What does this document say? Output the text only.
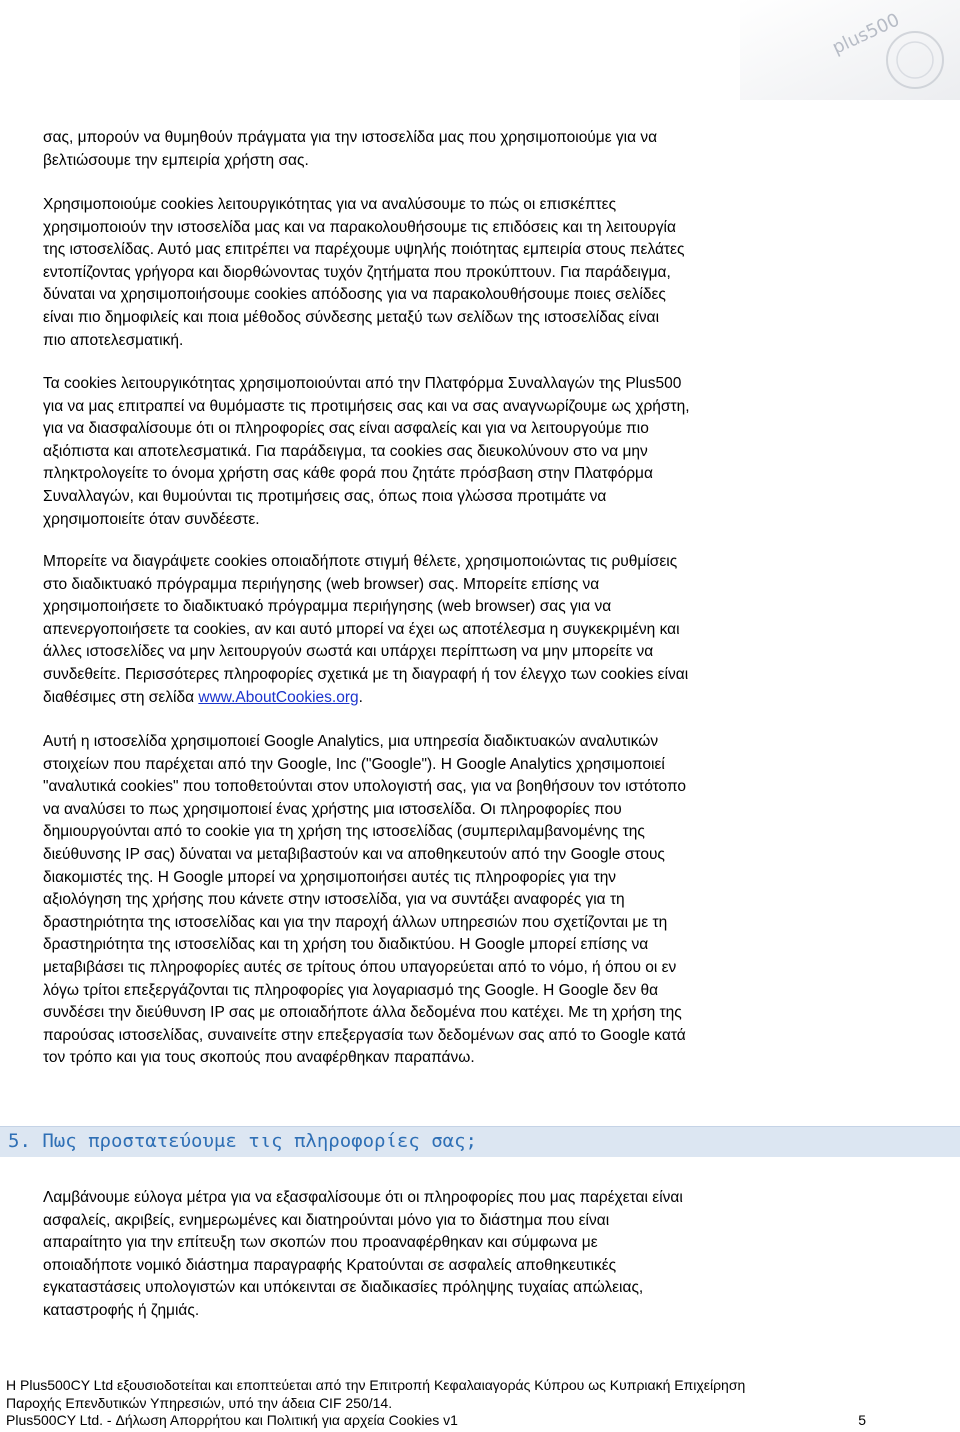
plus500
σας, μπορούν να θυμηθούν πράγματα για την ιστοσελίδα μας που χρησιμοποιούμε για να
βελτιώσουμε την εμπειρία χρήστη σας.
Χρησιμοποιούμε cookies λειτουργικότητας για να αναλύσουμε το πώς οι επισκέπτες
χρησιμοποιούν την ιστοσελίδα μας και να παρακολουθήσουμε τις επιδόσεις και τη λειτουργία
της ιστοσελίδας. Αυτό μας επιτρέπει να παρέχουμε υψηλής ποιότητας εμπειρία στους πελάτες
εντοπίζοντας γρήγορα και διορθώνοντας τυχόν ζητήματα που προκύπτουν. Για παράδειγμα,
δύναται να χρησιμοποιήσουμε cookies απόδοσης για να παρακολουθήσουμε ποιες σελίδες
είναι πιο δημοφιλείς και ποια μέθοδος σύνδεσης μεταξύ των σελίδων της ιστοσελίδας είναι
πιο αποτελεσματική.
Τα cookies λειτουργικότητας χρησιμοποιούνται από την Πλατφόρμα Συναλλαγών της Plus500
για να μας επιτραπεί να θυμόμαστε τις προτιμήσεις σας και να σας αναγνωρίζουμε ως χρήστη,
για να διασφαλίσουμε ότι οι πληροφορίες σας είναι ασφαλείς και για να λειτουργούμε πιο
αξιόπιστα και αποτελεσματικά. Για παράδειγμα, τα cookies σας διευκολύνουν στο να μην
πληκτρολογείτε το όνομα χρήστη σας κάθε φορά που ζητάτε πρόσβαση στην Πλατφόρμα
Συναλλαγών, και θυμούνται τις προτιμήσεις σας, όπως ποια γλώσσα προτιμάτε να
χρησιμοποιείτε όταν συνδέεστε.
Μπορείτε να διαγράψετε cookies οποιαδήποτε στιγμή θέλετε, χρησιμοποιώντας τις ρυθμίσεις
στο διαδικτυακό πρόγραμμα περιήγησης (web browser) σας. Μπορείτε επίσης να
χρησιμοποιήσετε το διαδικτυακό πρόγραμμα περιήγησης (web browser) σας για να
απενεργοποιήσετε τα cookies, αν και αυτό μπορεί να έχει ως αποτέλεσμα η συγκεκριμένη και
άλλες ιστοσελίδες να μην λειτουργούν σωστά και υπάρχει περίπτωση να μην μπορείτε να
συνδεθείτε. Περισσότερες πληροφορίες σχετικά με τη διαγραφή ή τον έλεγχο των cookies είναι
διαθέσιμες στη σελίδα www.AboutCookies.org.
Αυτή η ιστοσελίδα χρησιμοποιεί Google Analytics, μια υπηρεσία διαδικτυακών αναλυτικών
στοιχείων που παρέχεται από την Google, Inc ("Google"). Η Google Analytics χρησιμοποιεί
"αναλυτικά cookies" που τοποθετούνται στον υπολογιστή σας, για να βοηθήσουν τον ιστότοπο
να αναλύσει το πως χρησιμοποιεί ένας χρήστης μια ιστοσελίδα. Οι πληροφορίες που
δημιουργούνται από το cookie για τη χρήση της ιστοσελίδας (συμπεριλαμβανομένης της
διεύθυνσης IP σας) δύναται να μεταβιβαστούν και να αποθηκευτούν από την Google στους
διακομιστές της. Η Google μπορεί να χρησιμοποιήσει αυτές τις πληροφορίες για την
αξιολόγηση της χρήσης που κάνετε στην ιστοσελίδα, για να συντάξει αναφορές για τη
δραστηριότητα της ιστοσελίδας και για την παροχή άλλων υπηρεσιών που σχετίζονται με τη
δραστηριότητα της ιστοσελίδας και τη χρήση του διαδικτύου. Η Google μπορεί επίσης να
μεταβιβάσει τις πληροφορίες αυτές σε τρίτους όπου υπαγορεύεται από το νόμο, ή όπου οι εν
λόγω τρίτοι επεξεργάζονται τις πληροφορίες για λογαριασμό της Google. Η Google δεν θα
συνδέσει την διεύθυνση IP σας με οποιαδήποτε άλλα δεδομένα που κατέχει. Με τη χρήση της
παρούσας ιστοσελίδας, συναινείτε στην επεξεργασία των δεδομένων σας από το Google κατά
τον τρόπο και για τους σκοπούς που αναφέρθηκαν παραπάνω.
5. Πως προστατεύουμε τις πληροφορίες σας;
Λαμβάνουμε εύλογα μέτρα για να εξασφαλίσουμε ότι οι πληροφορίες που μας παρέχεται είναι
ασφαλείς, ακριβείς, ενημερωμένες και διατηρούνται μόνο για το διάστημα που είναι
απαραίτητο για την επίτευξη των σκοπών που προαναφέρθηκαν και σύμφωνα με
οποιαδήποτε νομικό διάστημα παραγραφής Κρατούνται σε ασφαλείς αποθηκευτικές
εγκαταστάσεις υπολογιστών και υπόκεινται σε διαδικασίες πρόληψης τυχαίας απώλειας,
καταστροφής ή ζημιάς.
Η Plus500CY Ltd εξουσιοδοτείται και εποπτεύεται από την Επιτροπή Κεφαλαιαγοράς Κύπρου ως Κυπριακή Επιχείρηση
Παροχής Επενδυτικών Υπηρεσιών, υπό την άδεια CIF 250/14.
Plus500CY Ltd. - Δήλωση Απορρήτου και Πολιτική για αρχεία Cookies v1	5
